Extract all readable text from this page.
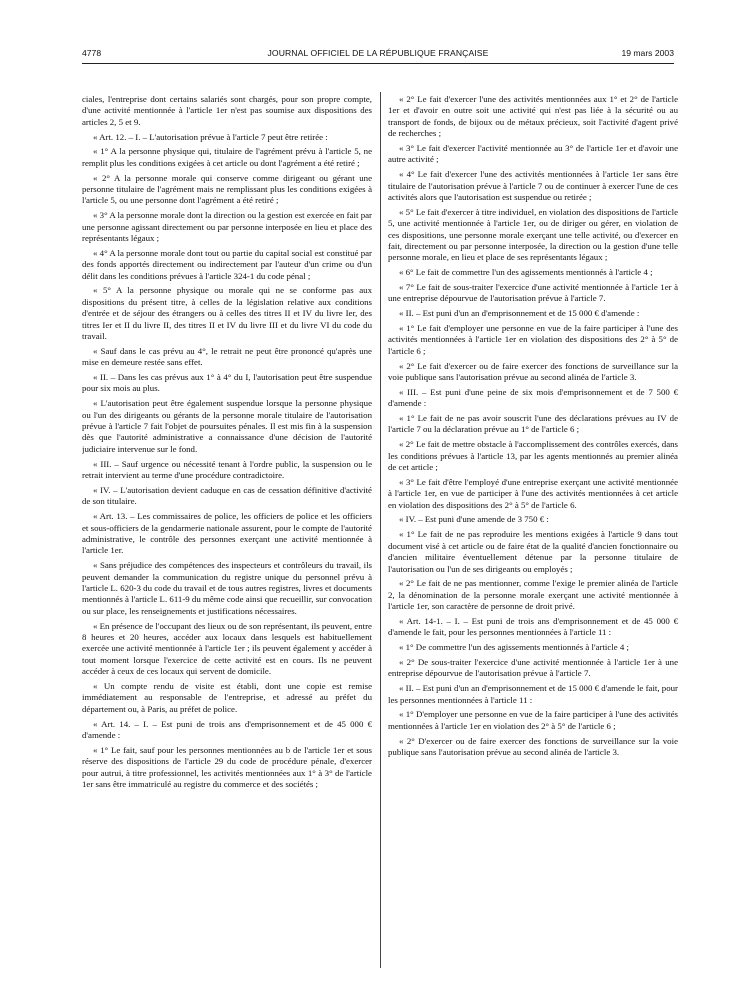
4778	JOURNAL OFFICIEL DE LA RÉPUBLIQUE FRANÇAISE	19 mars 2003

ciales, l'entreprise dont certains salariés sont chargés, pour son propre compte, d'une activité mentionnée à l'article 1er n'est pas soumise aux dispositions des articles 2, 5 et 9.

« Art. 12. – I. – L'autorisation prévue à l'article 7 peut être retirée :

« 1° A la personne physique qui, titulaire de l'agrément prévu à l'article 5, ne remplit plus les conditions exigées à cet article ou dont l'agrément a été retiré ;

« 2° A la personne morale qui conserve comme dirigeant ou gérant une personne titulaire de l'agrément mais ne remplissant plus les conditions exigées à l'article 5, ou une personne dont l'agrément a été retiré ;

« 3° A la personne morale dont la direction ou la gestion est exercée en fait par une personne agissant directement ou par personne interposée en lieu et place des représentants légaux ;

« 4° A la personne morale dont tout ou partie du capital social est constitué par des fonds apportés directement ou indirectement par l'auteur d'un crime ou d'un délit dans les conditions prévues à l'article 324-1 du code pénal ;

« 5° A la personne physique ou morale qui ne se conforme pas aux dispositions du présent titre, à celles de la législation relative aux conditions d'entrée et de séjour des étrangers ou à celles des titres II et IV du livre Ier, des titres Ier et II du livre II, des titres II et IV du livre III et du livre VI du code du travail.

« Sauf dans le cas prévu au 4°, le retrait ne peut être prononcé qu'après une mise en demeure restée sans effet.

« II. – Dans les cas prévus aux 1° à 4° du I, l'autorisation peut être suspendue pour six mois au plus.

« L'autorisation peut être également suspendue lorsque la personne physique ou l'un des dirigeants ou gérants de la personne morale titulaire de l'autorisation prévue à l'article 7 fait l'objet de poursuites pénales. Il est mis fin à la suspension dès que l'autorité administrative a connaissance d'une décision de l'autorité judiciaire intervenue sur le fond.

« III. – Sauf urgence ou nécessité tenant à l'ordre public, la suspension ou le retrait intervient au terme d'une procédure contradictoire.

« IV. – L'autorisation devient caduque en cas de cessation définitive d'activité de son titulaire.

« Art. 13. – Les commissaires de police, les officiers de police et les officiers et sous-officiers de la gendarmerie nationale assurent, pour le compte de l'autorité administrative, le contrôle des personnes exerçant une activité mentionnée à l'article 1er.

« Sans préjudice des compétences des inspecteurs et contrôleurs du travail, ils peuvent demander la communication du registre unique du personnel prévu à l'article L. 620-3 du code du travail et de tous autres registres, livres et documents mentionnés à l'article L. 611-9 du même code ainsi que recueillir, sur convocation ou sur place, les renseignements et justifications nécessaires.

« En présence de l'occupant des lieux ou de son représentant, ils peuvent, entre 8 heures et 20 heures, accéder aux locaux dans lesquels est habituellement exercée une activité mentionnée à l'article 1er ; ils peuvent également y accéder à tout moment lorsque l'exercice de cette activité est en cours. Ils ne peuvent accéder à ceux de ces locaux qui servent de domicile.

« Un compte rendu de visite est établi, dont une copie est remise immédiatement au responsable de l'entreprise, et adressé au préfet du département ou, à Paris, au préfet de police.

« Art. 14. – I. – Est puni de trois ans d'emprisonnement et de 45 000 € d'amende :

« 1° Le fait, sauf pour les personnes mentionnées au b de l'article 1er et sous réserve des dispositions de l'article 29 du code de procédure pénale, d'exercer pour autrui, à titre professionnel, les activités mentionnées aux 1° à 3° de l'article 1er sans être immatriculé au registre du commerce et des sociétés ;

« 2° Le fait d'exercer l'une des activités mentionnées aux 1° et 2° de l'article 1er et d'avoir en outre soit une activité qui n'est pas liée à la sécurité ou au transport de fonds, de bijoux ou de métaux précieux, soit l'activité d'agent privé de recherches ;

« 3° Le fait d'exercer l'activité mentionnée au 3° de l'article 1er et d'avoir une autre activité ;

« 4° Le fait d'exercer l'une des activités mentionnées à l'article 1er sans être titulaire de l'autorisation prévue à l'article 7 ou de continuer à exercer l'une de ces activités alors que l'autorisation est suspendue ou retirée ;

« 5° Le fait d'exercer à titre individuel, en violation des dispositions de l'article 5, une activité mentionnée à l'article 1er, ou de diriger ou gérer, en violation de ces dispositions, une personne morale exerçant une telle activité, ou d'exercer en fait, directement ou par personne interposée, la direction ou la gestion d'une telle personne morale, en lieu et place de ses représentants légaux ;

« 6° Le fait de commettre l'un des agissements mentionnés à l'article 4 ;

« 7° Le fait de sous-traiter l'exercice d'une activité mentionnée à l'article 1er à une entreprise dépourvue de l'autorisation prévue à l'article 7.

« II. – Est puni d'un an d'emprisonnement et de 15 000 € d'amende :

« 1° Le fait d'employer une personne en vue de la faire participer à l'une des activités mentionnées à l'article 1er en violation des dispositions des 2° à 5° de l'article 6 ;

« 2° Le fait d'exercer ou de faire exercer des fonctions de surveillance sur la voie publique sans l'autorisation prévue au second alinéa de l'article 3.

« III. – Est puni d'une peine de six mois d'emprisonnement et de 7 500 € d'amende :

« 1° Le fait de ne pas avoir souscrit l'une des déclarations prévues au IV de l'article 7 ou la déclaration prévue au 1° de l'article 6 ;

« 2° Le fait de mettre obstacle à l'accomplissement des contrôles exercés, dans les conditions prévues à l'article 13, par les agents mentionnés au premier alinéa de cet article ;

« 3° Le fait d'être l'employé d'une entreprise exerçant une activité mentionnée à l'article 1er, en vue de participer à l'une des activités mentionnées à cet article en violation des dispositions des 2° à 5° de l'article 6.

« IV. – Est puni d'une amende de 3 750 € :

« 1° Le fait de ne pas reproduire les mentions exigées à l'article 9 dans tout document visé à cet article ou de faire état de la qualité d'ancien fonctionnaire ou d'ancien militaire éventuellement détenue par la personne titulaire de l'autorisation ou l'un de ses dirigeants ou employés ;

« 2° Le fait de ne pas mentionner, comme l'exige le premier alinéa de l'article 2, la dénomination de la personne morale exerçant une activité mentionnée à l'article 1er, son caractère de personne de droit privé.

« Art. 14-1. – I. – Est puni de trois ans d'emprisonnement et de 45 000 € d'amende le fait, pour les personnes mentionnées à l'article 11 :

« 1° De commettre l'un des agissements mentionnés à l'article 4 ;

« 2° De sous-traiter l'exercice d'une activité mentionnée à l'article 1er à une entreprise dépourvue de l'autorisation prévue à l'article 7.

« II. – Est puni d'un an d'emprisonnement et de 15 000 € d'amende le fait, pour les personnes mentionnées à l'article 11 :

« 1° D'employer une personne en vue de la faire participer à l'une des activités mentionnées à l'article 1er en violation des 2° à 5° de l'article 6 ;

« 2° D'exercer ou de faire exercer des fonctions de surveillance sur la voie publique sans l'autorisation prévue au second alinéa de l'article 3.
